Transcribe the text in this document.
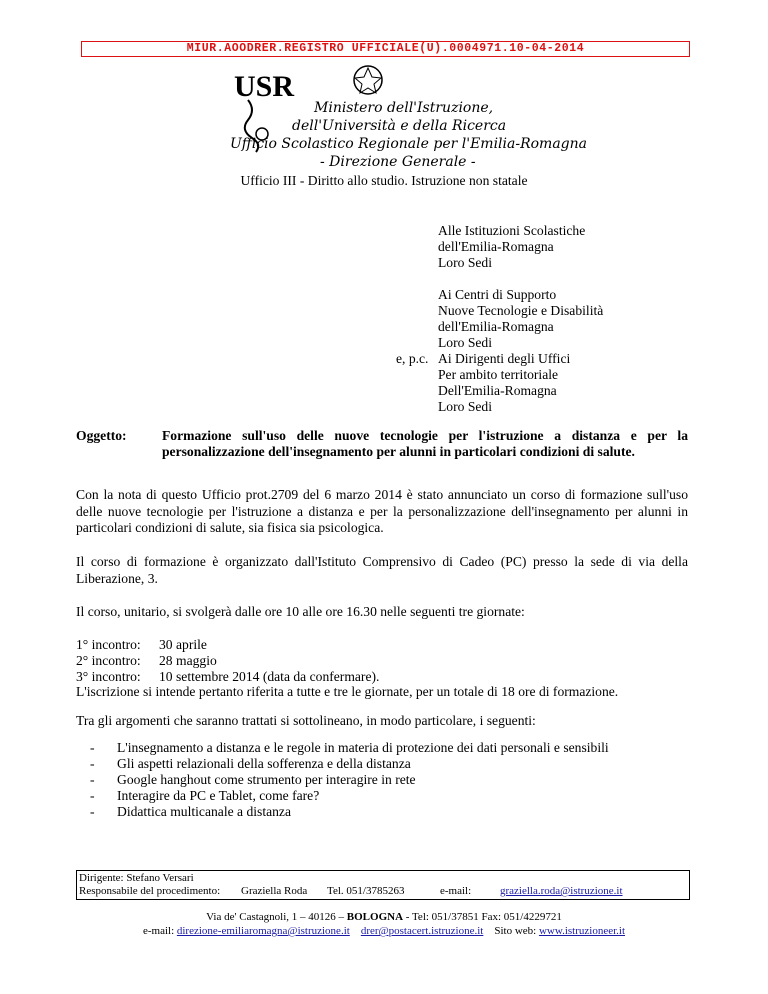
MIUR.AOODRER.REGISTRO UFFICIALE(U).0004971.10-04-2014
USR
Ministero dell'Istruzione,
dell'Università e della Ricerca
Ufficio Scolastico Regionale per l'Emilia-Romagna
- Direzione Generale -
Ufficio III - Diritto allo studio. Istruzione non statale
Alle Istituzioni Scolastiche
dell'Emilia-Romagna
Loro Sedi
Ai Centri di Supporto
Nuove Tecnologie e Disabilità
dell'Emilia-Romagna
Loro Sedi
e, p.c. Ai Dirigenti degli Uffici
Per ambito territoriale
Dell'Emilia-Romagna
Loro Sedi
Oggetto:	Formazione sull'uso delle nuove tecnologie per l'istruzione a distanza e per la personalizzazione dell'insegnamento per alunni in particolari condizioni di salute.
Con la nota di questo Ufficio prot.2709 del 6 marzo 2014 è stato annunciato un corso di formazione sull'uso delle nuove tecnologie per l'istruzione a distanza e per la personalizzazione dell'insegnamento per alunni in particolari condizioni di salute, sia fisica sia psicologica.
Il corso di formazione è organizzato dall'Istituto Comprensivo di Cadeo (PC) presso la sede di via della Liberazione, 3.
Il corso, unitario, si svolgerà dalle ore 10 alle ore 16.30 nelle seguenti tre giornate:
1° incontro: 30 aprile
2° incontro: 28 maggio
3° incontro: 10 settembre 2014 (data da confermare).
L'iscrizione si intende pertanto riferita a tutte e tre le giornate, per un totale di 18 ore di formazione.
Tra gli argomenti che saranno trattati si sottolineano, in modo particolare, i seguenti:
- L'insegnamento a distanza e le regole in materia di protezione dei dati personali e sensibili
- Gli aspetti relazionali della sofferenza e della distanza
- Google hanghout come strumento per interagire in rete
- Interagire da PC e Tablet, come fare?
- Didattica multicanale a distanza
Dirigente: Stefano Versari
Responsabile del procedimento: Graziella Roda Tel. 051/3785263	e-mail:	graziella.roda@istruzione.it
Via de' Castagnoli, 1 – 40126 – BOLOGNA - Tel: 051/37851 Fax: 051/4229721
e-mail: direzione-emiliaromagna@istruzione.it drer@postacert.istruzione.it Sito web: www.istruzioneer.it
